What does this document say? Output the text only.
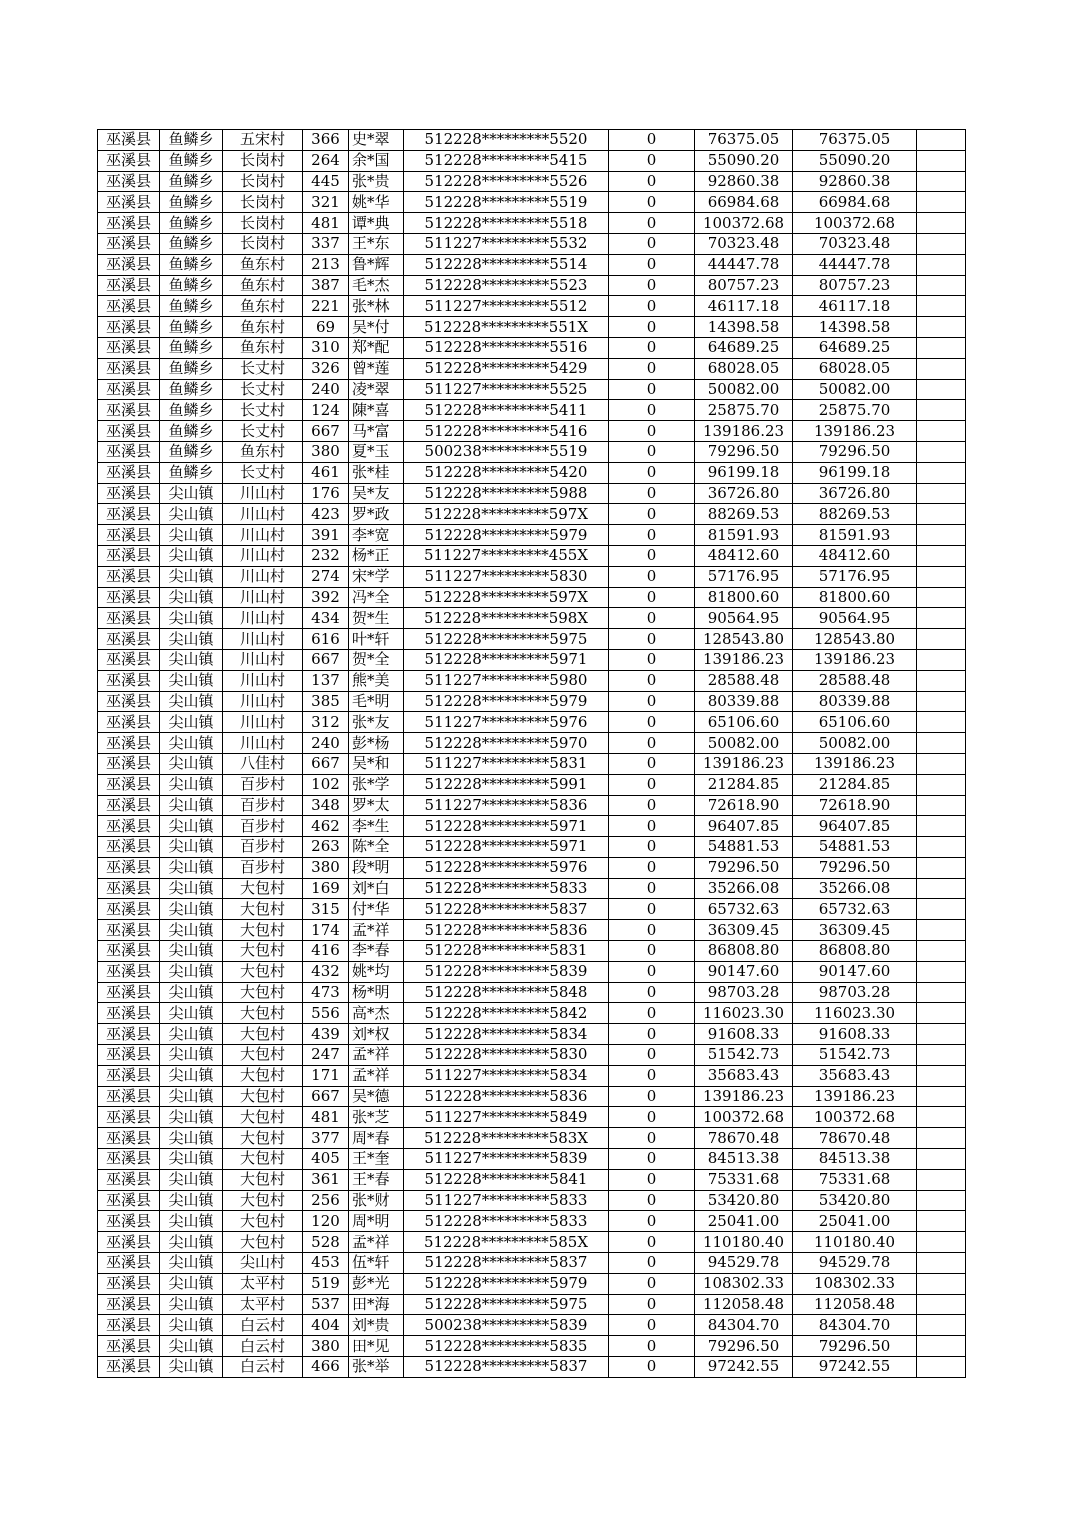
巫溪县	鱼鳞乡	五宋村	366	史*翠	512228*********5520	0	76375.05	76375.05	
巫溪县	鱼鳞乡	长岗村	264	余*国	512228*********5415	0	55090.20	55090.20	
巫溪县	鱼鳞乡	长岗村	445	张*贵	512228*********5526	0	92860.38	92860.38	
巫溪县	鱼鳞乡	长岗村	321	姚*华	512228*********5519	0	66984.68	66984.68	
巫溪县	鱼鳞乡	长岗村	481	谭*典	512228*********5518	0	100372.68	100372.68	
巫溪县	鱼鳞乡	长岗村	337	王*东	511227*********5532	0	70323.48	70323.48	
巫溪县	鱼鳞乡	鱼东村	213	鲁*辉	512228*********5514	0	44447.78	44447.78	
巫溪县	鱼鳞乡	鱼东村	387	毛*杰	512228*********5523	0	80757.23	80757.23	
巫溪县	鱼鳞乡	鱼东村	221	张*林	511227*********5512	0	46117.18	46117.18	
巫溪县	鱼鳞乡	鱼东村	69	吴*付	512228*********551X	0	14398.58	14398.58	
巫溪县	鱼鳞乡	鱼东村	310	郑*配	512228*********5516	0	64689.25	64689.25	
巫溪县	鱼鳞乡	长丈村	326	曾*莲	512228*********5429	0	68028.05	68028.05	
巫溪县	鱼鳞乡	长丈村	240	凌*翠	511227*********5525	0	50082.00	50082.00	
巫溪县	鱼鳞乡	长丈村	124	陳*喜	512228*********5411	0	25875.70	25875.70	
巫溪县	鱼鳞乡	长丈村	667	马*富	512228*********5416	0	139186.23	139186.23	
巫溪县	鱼鳞乡	鱼东村	380	夏*玉	500238*********5519	0	79296.50	79296.50	
巫溪县	鱼鳞乡	长丈村	461	张*桂	512228*********5420	0	96199.18	96199.18	
巫溪县	尖山镇	川山村	176	吴*友	512228*********5988	0	36726.80	36726.80	
巫溪县	尖山镇	川山村	423	罗*政	512228*********597X	0	88269.53	88269.53	
巫溪县	尖山镇	川山村	391	李*宽	512228*********5979	0	81591.93	81591.93	
巫溪县	尖山镇	川山村	232	杨*正	511227*********455X	0	48412.60	48412.60	
巫溪县	尖山镇	川山村	274	宋*学	511227*********5830	0	57176.95	57176.95	
巫溪县	尖山镇	川山村	392	冯*全	512228*********597X	0	81800.60	81800.60	
巫溪县	尖山镇	川山村	434	贺*生	512228*********598X	0	90564.95	90564.95	
巫溪县	尖山镇	川山村	616	叶*轩	512228*********5975	0	128543.80	128543.80	
巫溪县	尖山镇	川山村	667	贺*全	512228*********5971	0	139186.23	139186.23	
巫溪县	尖山镇	川山村	137	熊*美	511227*********5980	0	28588.48	28588.48	
巫溪县	尖山镇	川山村	385	毛*明	512228*********5979	0	80339.88	80339.88	
巫溪县	尖山镇	川山村	312	张*友	511227*********5976	0	65106.60	65106.60	
巫溪县	尖山镇	川山村	240	彭*杨	512228*********5970	0	50082.00	50082.00	
巫溪县	尖山镇	八佳村	667	吴*和	511227*********5831	0	139186.23	139186.23	
巫溪县	尖山镇	百步村	102	张*学	512228*********5991	0	21284.85	21284.85	
巫溪县	尖山镇	百步村	348	罗*太	511227*********5836	0	72618.90	72618.90	
巫溪县	尖山镇	百步村	462	李*生	512228*********5971	0	96407.85	96407.85	
巫溪县	尖山镇	百步村	263	陈*全	512228*********5971	0	54881.53	54881.53	
巫溪县	尖山镇	百步村	380	段*明	512228*********5976	0	79296.50	79296.50	
巫溪县	尖山镇	大包村	169	刘*白	512228*********5833	0	35266.08	35266.08	
巫溪县	尖山镇	大包村	315	付*华	512228*********5837	0	65732.63	65732.63	
巫溪县	尖山镇	大包村	174	孟*祥	512228*********5836	0	36309.45	36309.45	
巫溪县	尖山镇	大包村	416	李*春	512228*********5831	0	86808.80	86808.80	
巫溪县	尖山镇	大包村	432	姚*均	512228*********5839	0	90147.60	90147.60	
巫溪县	尖山镇	大包村	473	杨*明	512228*********5848	0	98703.28	98703.28	
巫溪县	尖山镇	大包村	556	高*杰	512228*********5842	0	116023.30	116023.30	
巫溪县	尖山镇	大包村	439	刘*权	512228*********5834	0	91608.33	91608.33	
巫溪县	尖山镇	大包村	247	孟*祥	512228*********5830	0	51542.73	51542.73	
巫溪县	尖山镇	大包村	171	孟*祥	511227*********5834	0	35683.43	35683.43	
巫溪县	尖山镇	大包村	667	吴*德	512228*********5836	0	139186.23	139186.23	
巫溪县	尖山镇	大包村	481	张*芝	511227*********5849	0	100372.68	100372.68	
巫溪县	尖山镇	大包村	377	周*春	512228*********583X	0	78670.48	78670.48	
巫溪县	尖山镇	大包村	405	王*奎	511227*********5839	0	84513.38	84513.38	
巫溪县	尖山镇	大包村	361	王*春	512228*********5841	0	75331.68	75331.68	
巫溪县	尖山镇	大包村	256	张*财	511227*********5833	0	53420.80	53420.80	
巫溪县	尖山镇	大包村	120	周*明	512228*********5833	0	25041.00	25041.00	
巫溪县	尖山镇	大包村	528	孟*祥	512228*********585X	0	110180.40	110180.40	
巫溪县	尖山镇	尖山村	453	伍*轩	512228*********5837	0	94529.78	94529.78	
巫溪县	尖山镇	太平村	519	彭*光	512228*********5979	0	108302.33	108302.33	
巫溪县	尖山镇	太平村	537	田*海	512228*********5975	0	112058.48	112058.48	
巫溪县	尖山镇	白云村	404	刘*贵	500238*********5839	0	84304.70	84304.70	
巫溪县	尖山镇	白云村	380	田*见	512228*********5835	0	79296.50	79296.50	
巫溪县	尖山镇	白云村	466	张*举	512228*********5837	0	97242.55	97242.55	
